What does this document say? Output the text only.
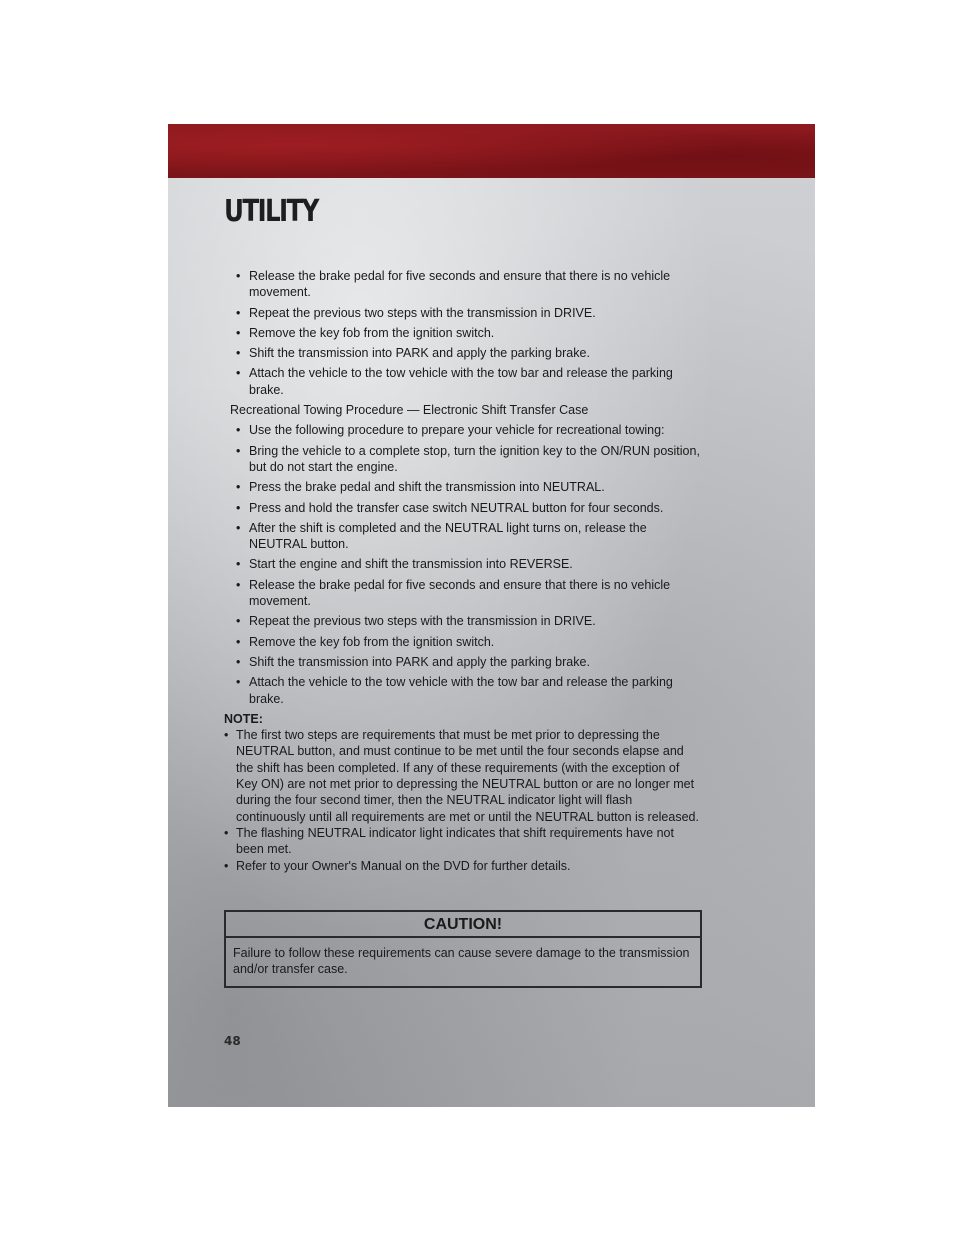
UTILITY
• Release the brake pedal for five seconds and ensure that there is no vehicle movement.
• Repeat the previous two steps with the transmission in DRIVE.
• Remove the key fob from the ignition switch.
• Shift the transmission into PARK and apply the parking brake.
• Attach the vehicle to the tow vehicle with the tow bar and release the parking brake.

Recreational Towing Procedure — Electronic Shift Transfer Case

• Use the following procedure to prepare your vehicle for recreational towing:
• Bring the vehicle to a complete stop, turn the ignition key to the ON/RUN position, but do not start the engine.
• Press the brake pedal and shift the transmission into NEUTRAL.
• Press and hold the transfer case switch NEUTRAL button for four seconds.
• After the shift is completed and the NEUTRAL light turns on, release the NEUTRAL button.
• Start the engine and shift the transmission into REVERSE.
• Release the brake pedal for five seconds and ensure that there is no vehicle movement.
• Repeat the previous two steps with the transmission in DRIVE.
• Remove the key fob from the ignition switch.
• Shift the transmission into PARK and apply the parking brake.
• Attach the vehicle to the tow vehicle with the tow bar and release the parking brake.

NOTE:

• The first two steps are requirements that must be met prior to depressing the NEUTRAL button, and must continue to be met until the four seconds elapse and the shift has been completed. If any of these requirements (with the exception of Key ON) are not met prior to depressing the NEUTRAL button or are no longer met during the four second timer, then the NEUTRAL indicator light will flash continuously until all requirements are met or until the NEUTRAL button is released.
• The flashing NEUTRAL indicator light indicates that shift requirements have not been met.
• Refer to your Owner's Manual on the DVD for further details.
CAUTION!
Failure to follow these requirements can cause severe damage to the transmission and/or transfer case.
48
